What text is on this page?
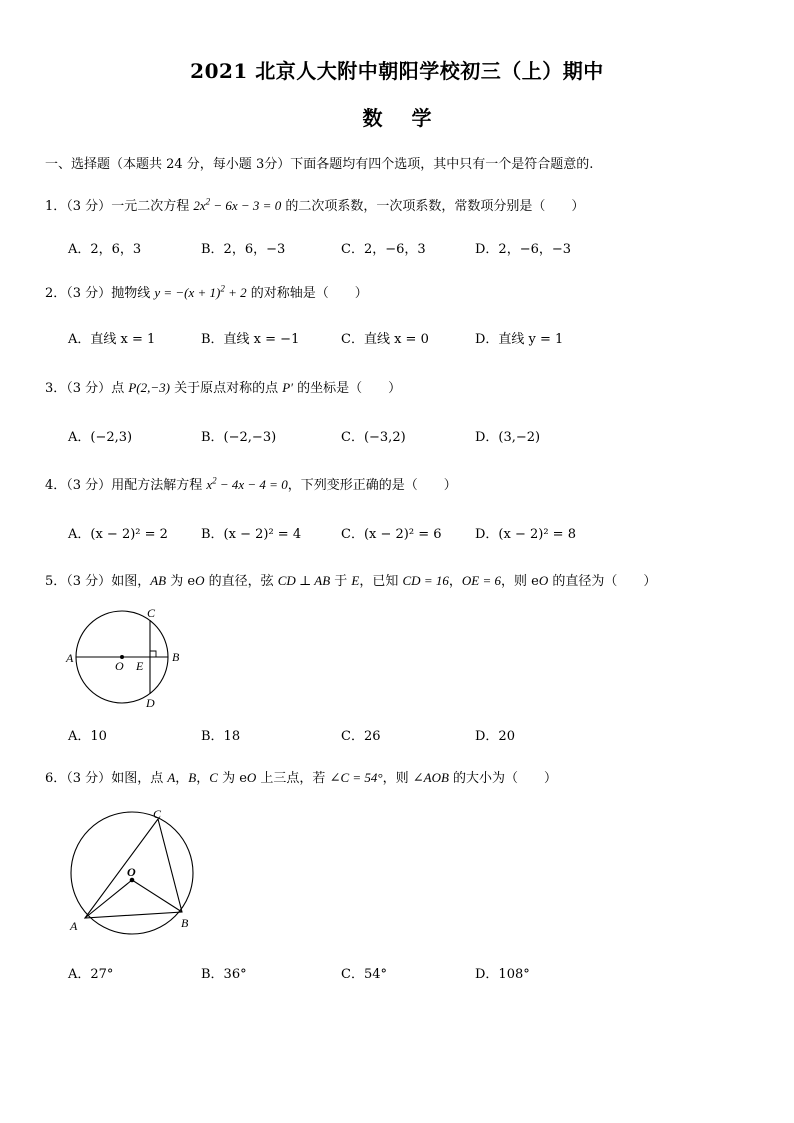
2021 北京人大附中朝阳学校初三（上）期中
数 学
一、选择题（本题共 24 分，每小题 3分）下面各题均有四个选项，其中只有一个是符合题意的.
1．（3 分）一元二次方程 $2x^2 - 6x - 3 = 0$ 的二次项系数，一次项系数，常数项分别是（　　）
A．2，6，3	B．2，6，−3	C．2，−6，3	D．2，−6，−3
2．（3 分）抛物线 $y = -(x + 1)^2 + 2$ 的对称轴是（　　）
A．直线 x = 1	B．直线 x = −1	C．直线 x = 0	D．直线 y = 1
3．（3 分）点 P(2,−3) 关于原点对称的点 P′ 的坐标是（　　）
A．(−2,3)	B．(−2,−3)	C．(−3,2)	D．(3,−2)
4．（3 分）用配方法解方程 $x^2 - 4x - 4 = 0$，下列变形正确的是（　　）
A．(x − 2)² = 2	B．(x − 2)² = 4	C．(x − 2)² = 6	D．(x − 2)² = 8
5．（3 分）如图，AB 为 eO 的直径，弦 CD ⊥ AB 于 E，已知 CD = 16，OE = 6，则 eO 的直径为（　　）
C
A
O E
B
D
A．10	B．18	C．26	D．20
6．（3 分）如图，点 A，B，C 为 eO 上三点，若 ∠C = 54°，则 ∠AOB 的大小为（　　）
C
O
A	B
A．27°	B．36°	C．54°	D．108°
